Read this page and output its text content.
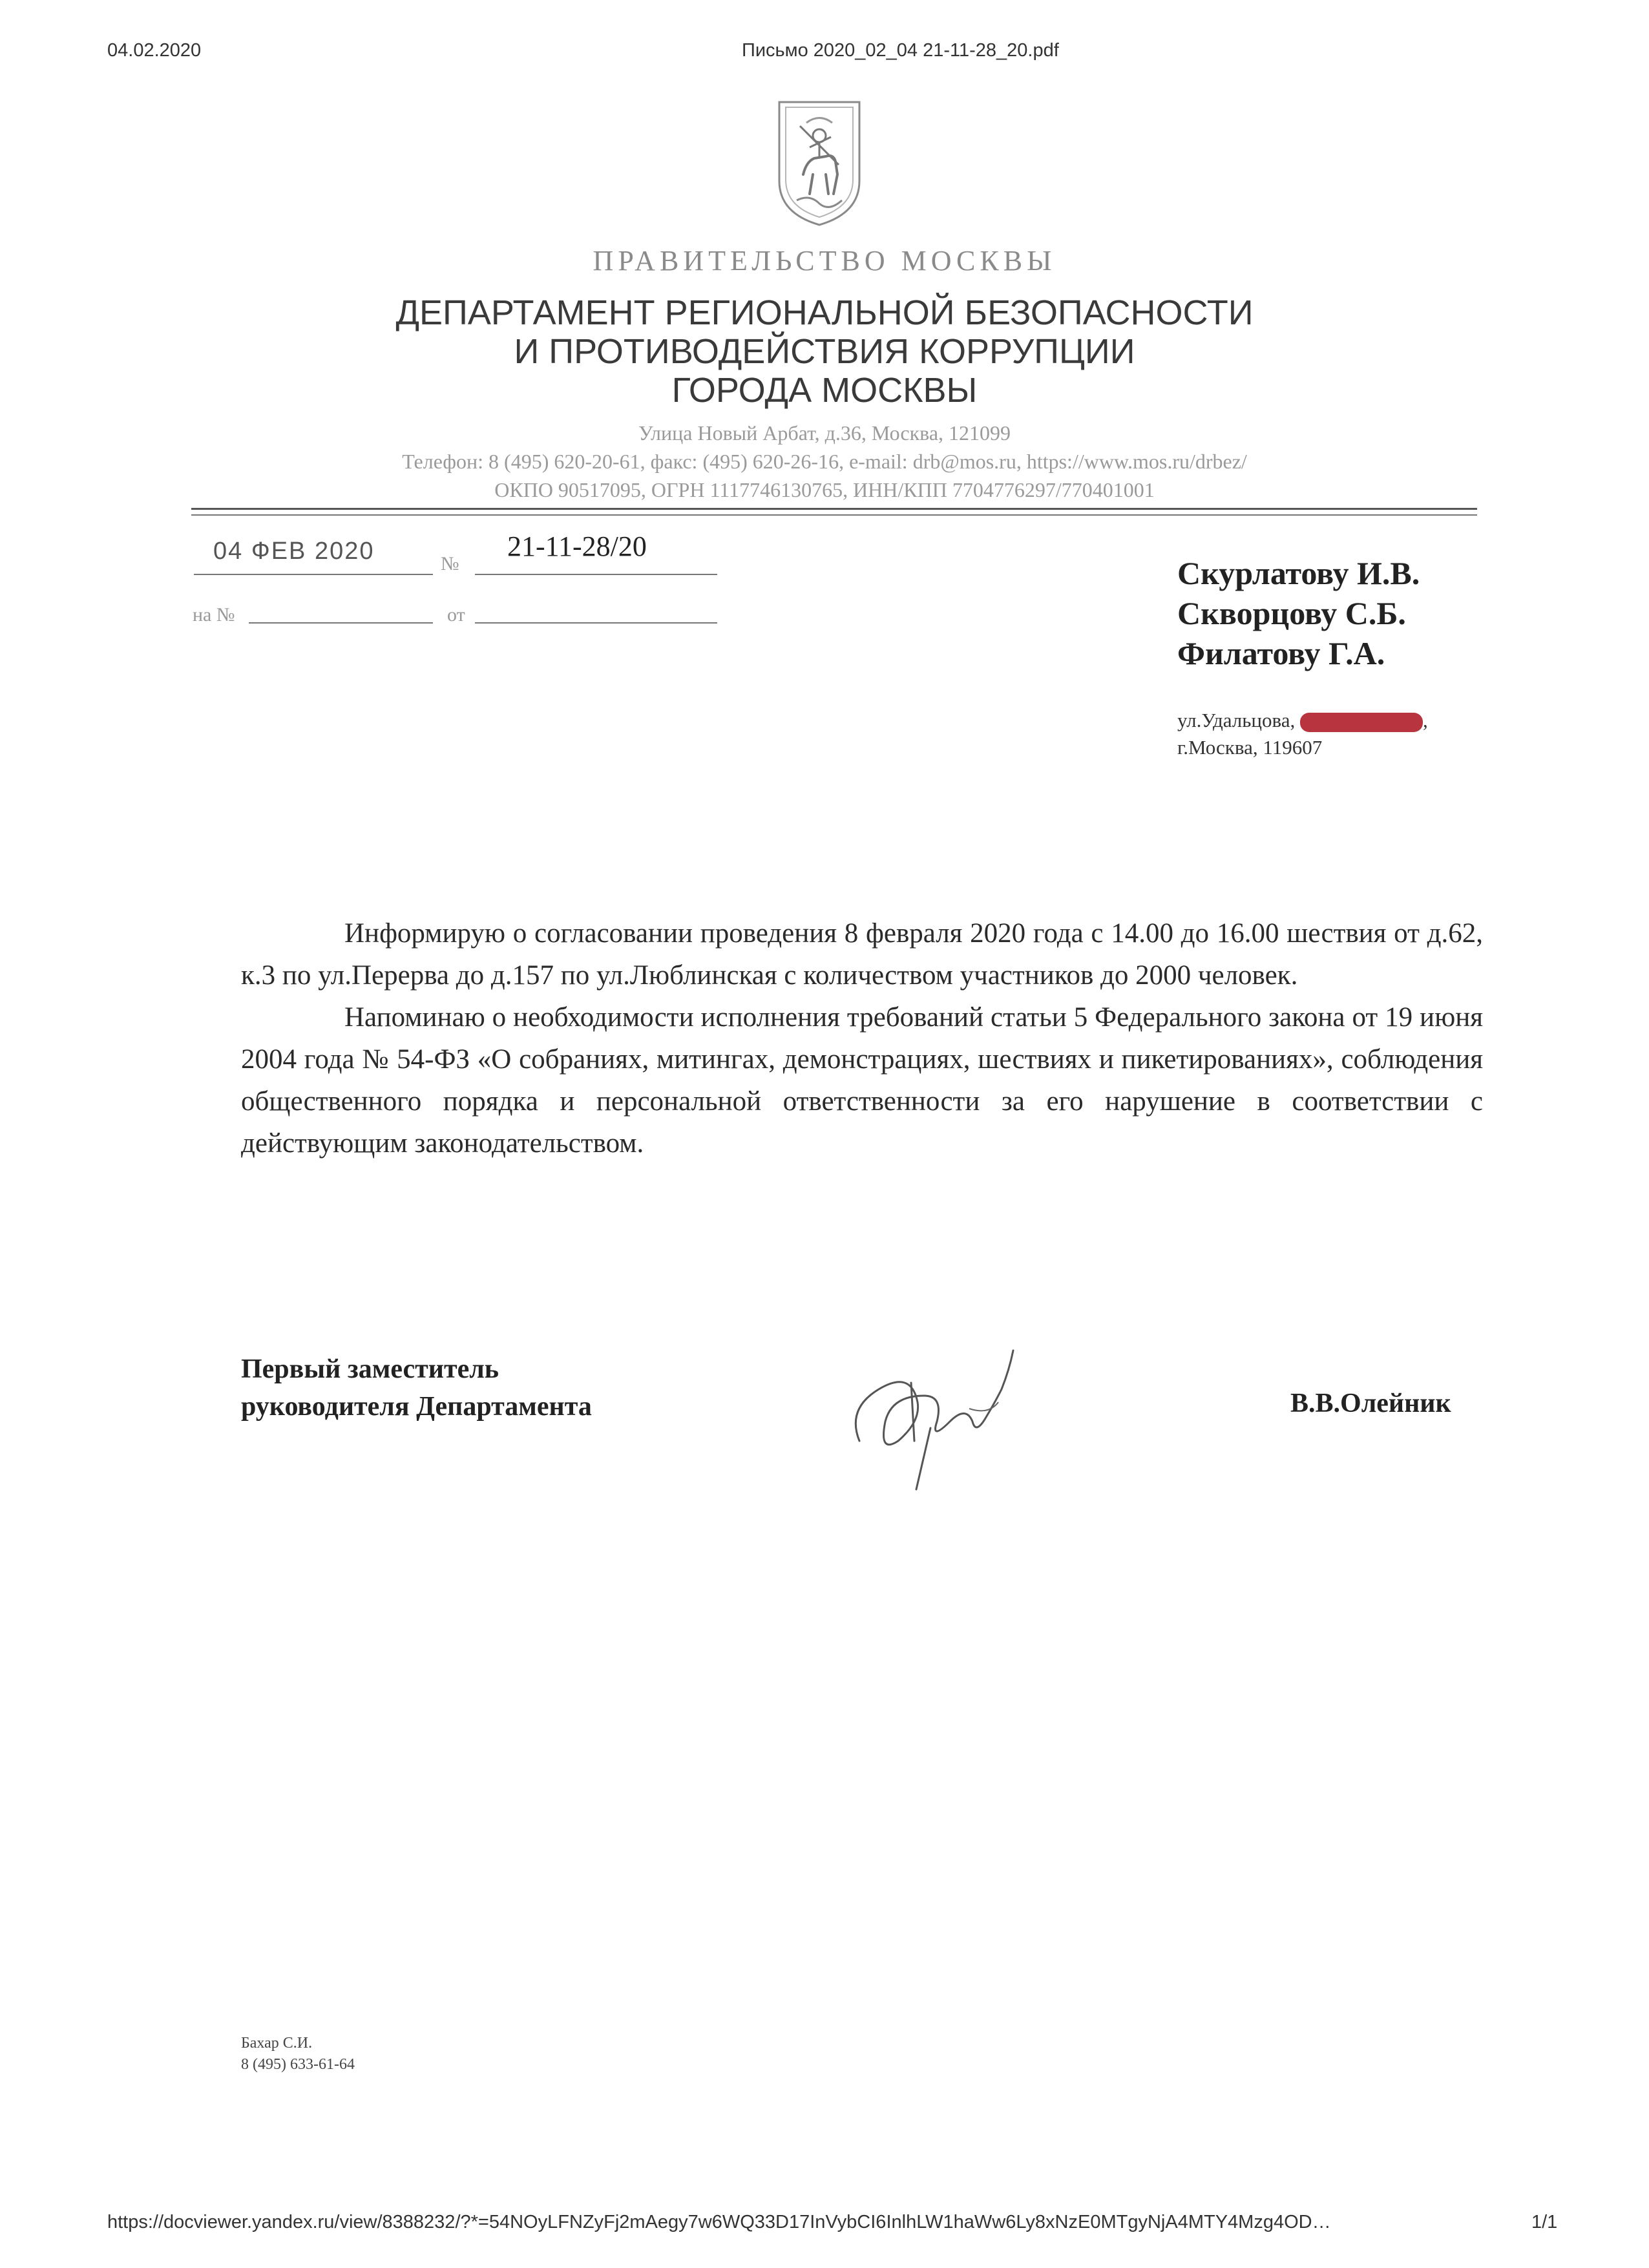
04.02.2020	Письмо 2020_02_04 21-11-28_20.pdf
ПРАВИТЕЛЬСТВО МОСКВЫ
ДЕПАРТАМЕНТ РЕГИОНАЛЬНОЙ БЕЗОПАСНОСТИ
И ПРОТИВОДЕЙСТВИЯ КОРРУПЦИИ
ГОРОДА МОСКВЫ
Улица Новый Арбат, д.36, Москва, 121099
Телефон: 8 (495) 620-20-61, факс: (495) 620-26-16, e-mail: drb@mos.ru, https://www.mos.ru/drbez/
ОКПО 90517095, ОГРН 1117746130765, ИНН/КПП 7704776297/770401001
04 ФЕВ 2020	№
21-11-28/20
на №	от
Скурлатову И.В.
Скворцову С.Б.
Филатову Г.А.
ул.Удальцова,	,
г.Москва, 119607

Информирую о согласовании проведения 8 февраля 2020 года с 14.00 до 16.00 шествия от д.62, к.3 по ул.Перерва до д.157 по ул.Люблинская с количеством участников до 2000 человек.

Напоминаю о необходимости исполнения требований статьи 5 Федерального закона от 19 июня 2004 года № 54-ФЗ «О собраниях, митингах, демонстрациях, шествиях и пикетированиях», соблюдения общественного порядка и персональной ответственности за его нарушение в соответствии с действующим законодательством.

Первый заместитель
руководителя Департамента	В.В.Олейник
Бахар С.И.
8 (495) 633-61-64
https://docviewer.yandex.ru/view/8388232/?*=54NOyLFNZyFj2mAegy7w6WQ33D17InVybCI6InlhLW1haWw6Ly8xNzE0MTgyNjA4MTY4Mzg4OD…	1/1
